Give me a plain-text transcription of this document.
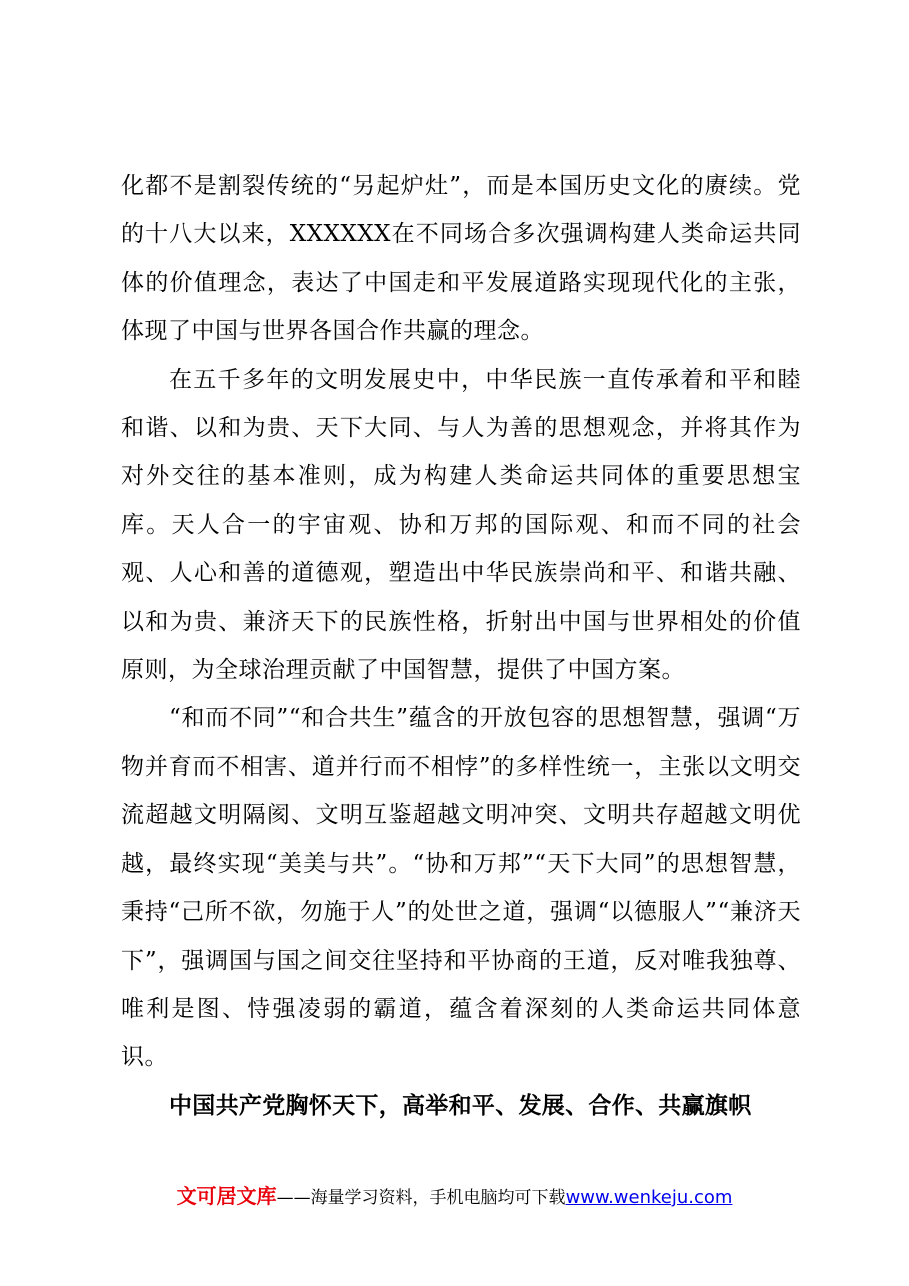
化都不是割裂传统的“另起炉灶”，而是本国历史文化的赓续。党的十八大以来，XXXXXX在不同场合多次强调构建人类命运共同体的价值理念，表达了中国走和平发展道路实现现代化的主张，体现了中国与世界各国合作共赢的理念。

在五千多年的文明发展史中，中华民族一直传承着和平和睦和谐、以和为贵、天下大同、与人为善的思想观念，并将其作为对外交往的基本准则，成为构建人类命运共同体的重要思想宝库。天人合一的宇宙观、协和万邦的国际观、和而不同的社会观、人心和善的道德观，塑造出中华民族崇尚和平、和谐共融、以和为贵、兼济天下的民族性格，折射出中国与世界相处的价值原则，为全球治理贡献了中国智慧，提供了中国方案。

“和而不同”“和合共生”蕴含的开放包容的思想智慧，强调“万物并育而不相害、道并行而不相悖”的多样性统一，主张以文明交流超越文明隔阂、文明互鉴超越文明冲突、文明共存超越文明优越，最终实现“美美与共”。“协和万邦”“天下大同”的思想智慧，秉持“己所不欲，勿施于人”的处世之道，强调“以德服人”“兼济天下”，强调国与国之间交往坚持和平协商的王道，反对唯我独尊、唯利是图、恃强凌弱的霸道，蕴含着深刻的人类命运共同体意识。

中国共产党胸怀天下，高举和平、发展、合作、共赢旗帜

文可居文库——海量学习资料，手机电脑均可下载www.wenkeju.com
